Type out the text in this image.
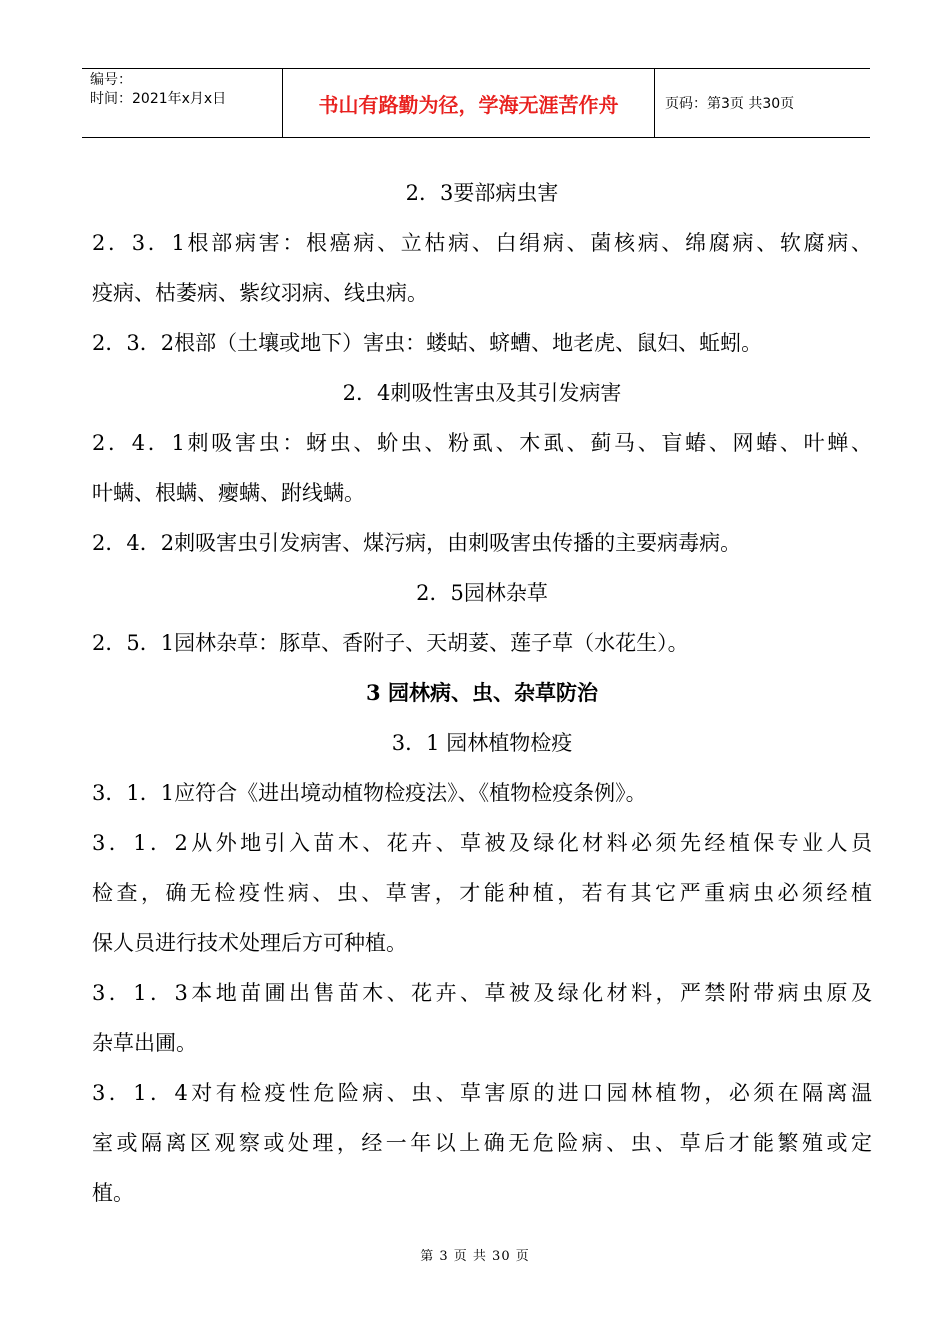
编号：
时间：2021年x月x日	书山有路勤为径，学海无涯苦作舟	页码：第3页 共30页
2．3要部病虫害
2．3．1根部病害：根癌病、立枯病、白绢病、菌核病、绵腐病、软腐病、
疫病、枯萎病、紫纹羽病、线虫病。
2．3．2根部（土壤或地下）害虫：蝼蛄、蛴螬、地老虎、鼠妇、蚯蚓。
2．4刺吸性害虫及其引发病害
2．4．1刺吸害虫：蚜虫、蚧虫、粉虱、木虱、蓟马、盲蝽、网蝽、叶蝉、
叶螨、根螨、瘿螨、跗线螨。
2．4．2刺吸害虫引发病害、煤污病，由刺吸害虫传播的主要病毒病。
2．5园林杂草
2．5．1园林杂草：豚草、香附子、天胡荽、莲子草（水花生）。
3 园林病、虫、杂草防治
3．1 园林植物检疫
3．1．1应符合《进出境动植物检疫法》、《植物检疫条例》。
3．1．2从外地引入苗木、花卉、草被及绿化材料必须先经植保专业人员
检查，确无检疫性病、虫、草害，才能种植，若有其它严重病虫必须经植
保人员进行技术处理后方可种植。
3．1．3本地苗圃出售苗木、花卉、草被及绿化材料，严禁附带病虫原及
杂草出圃。
3．1．4对有检疫性危险病、虫、草害原的进口园林植物，必须在隔离温
室或隔离区观察或处理，经一年以上确无危险病、虫、草后才能繁殖或定
植。
第 3 页 共 30 页
